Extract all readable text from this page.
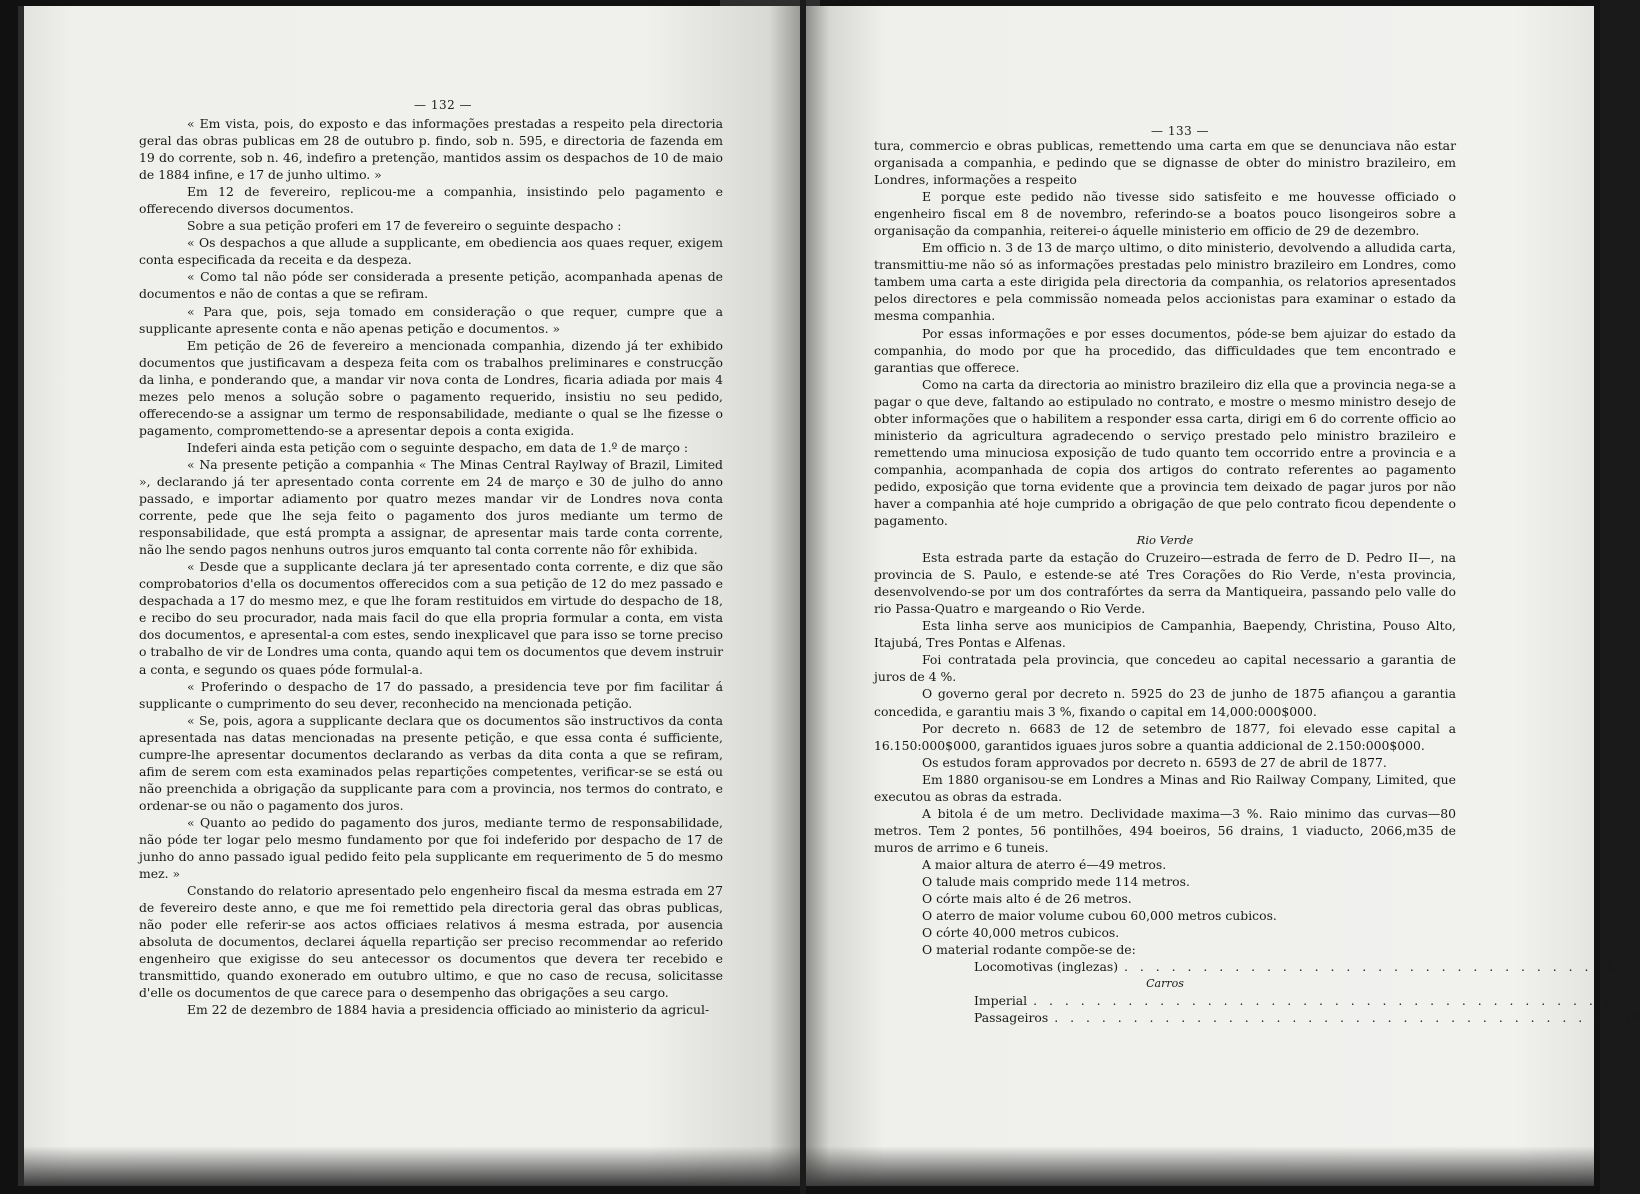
— 132 —
« Em vista, pois, do exposto e das informações prestadas a respeito pela directoria geral das obras publicas em 28 de outubro p. findo, sob n. 595, e directoria de fazenda em 19 do corrente, sob n. 46, indefiro a pretenção, mantidos assim os despachos de 10 de maio de 1884 infine, e 17 de junho ultimo. »
Em 12 de fevereiro, replicou-me a companhia, insistindo pelo pagamento e offerecendo diversos documentos.
Sobre a sua petição proferi em 17 de fevereiro o seguinte despacho :
« Os despachos a que allude a supplicante, em obediencia aos quaes requer, exigem conta especificada da receita e da despeza.
« Como tal não póde ser considerada a presente petição, acompanhada apenas de documentos e não de contas a que se refiram.
« Para que, pois, seja tomado em consideração o que requer, cumpre que a supplicante apresente conta e não apenas petição e documentos. »
Em petição de 26 de fevereiro a mencionada companhia, dizendo já ter exhibido documentos que justificavam a despeza feita com os trabalhos preliminares e construcção da linha, e ponderando que, a mandar vir nova conta de Londres, ficaria adiada por mais 4 mezes pelo menos a solução sobre o pagamento requerido, insistiu no seu pedido, offerecendo-se a assignar um termo de responsabilidade, mediante o qual se lhe fizesse o pagamento, compromettendo-se a apresentar depois a conta exigida.
Indeferi ainda esta petição com o seguinte despacho, em data de 1.º de março :
« Na presente petição a companhia « The Minas Central Raylway of Brazil, Limited », declarando já ter apresentado conta corrente em 24 de março e 30 de julho do anno passado, e importar adiamento por quatro mezes mandar vir de Londres nova conta corrente, pede que lhe seja feito o pagamento dos juros mediante um termo de responsabilidade, que está prompta a assignar, de apresentar mais tarde conta corrente, não lhe sendo pagos nenhuns outros juros emquanto tal conta corrente não fôr exhibida.
« Desde que a supplicante declara já ter apresentado conta corrente, e diz que são comprobatorios d'ella os documentos offerecidos com a sua petição de 12 do mez passado e despachada a 17 do mesmo mez, e que lhe foram restituidos em virtude do despacho de 18, e recibo do seu procurador, nada mais facil do que ella propria formular a conta, em vista dos documentos, e apresental-a com estes, sendo inexplicavel que para isso se torne preciso o trabalho de vir de Londres uma conta, quando aqui tem os documentos que devem instruir a conta, e segundo os quaes póde formulal-a.
« Proferindo o despacho de 17 do passado, a presidencia teve por fim facilitar á supplicante o cumprimento do seu dever, reconhecido na mencionada petição.
« Se, pois, agora a supplicante declara que os documentos são instructivos da conta apresentada nas datas mencionadas na presente petição, e que essa conta é sufficiente, cumpre-lhe apresentar documentos declarando as verbas da dita conta a que se refiram, afim de serem com esta examinados pelas repartições competentes, verificar-se se está ou não preenchida a obrigação da supplicante para com a provincia, nos termos do contrato, e ordenar-se ou não o pagamento dos juros.
« Quanto ao pedido do pagamento dos juros, mediante termo de responsabilidade, não póde ter logar pelo mesmo fundamento por que foi indeferido por despacho de 17 de junho do anno passado igual pedido feito pela supplicante em requerimento de 5 do mesmo mez. »
Constando do relatorio apresentado pelo engenheiro fiscal da mesma estrada em 27 de fevereiro deste anno, e que me foi remettido pela directoria geral das obras publicas, não poder elle referir-se aos actos officiaes relativos á mesma estrada, por ausencia absoluta de documentos, declarei áquella repartição ser preciso recommendar ao referido engenheiro que exigisse do seu antecessor os documentos que devera ter recebido e transmittido, quando exonerado em outubro ultimo, e que no caso de recusa, solicitasse d'elle os documentos de que carece para o desempenho das obrigações a seu cargo.
Em 22 de dezembro de 1884 havia a presidencia officiado ao ministerio da agricul-
— 133 —
tura, commercio e obras publicas, remettendo uma carta em que se denunciava não estar organisada a companhia, e pedindo que se dignasse de obter do ministro brazileiro, em Londres, informações a respeito
E porque este pedido não tivesse sido satisfeito e me houvesse officiado o engenheiro fiscal em 8 de novembro, referindo-se a boatos pouco lisongeiros sobre a organisação da companhia, reiterei-o áquelle ministerio em officio de 29 de dezembro.
Em officio n. 3 de 13 de março ultimo, o dito ministerio, devolvendo a alludida carta, transmittiu-me não só as informações prestadas pelo ministro brazileiro em Londres, como tambem uma carta a este dirigida pela directoria da companhia, os relatorios apresentados pelos directores e pela commissão nomeada pelos accionistas para examinar o estado da mesma companhia.
Por essas informações e por esses documentos, póde-se bem ajuizar do estado da companhia, do modo por que ha procedido, das difficuldades que tem encontrado e garantias que offerece.
Como na carta da directoria ao ministro brazileiro diz ella que a provincia nega-se a pagar o que deve, faltando ao estipulado no contrato, e mostre o mesmo ministro desejo de obter informações que o habilitem a responder essa carta, dirigi em 6 do corrente officio ao ministerio da agricultura agradecendo o serviço prestado pelo ministro brazileiro e remettendo uma minuciosa exposição de tudo quanto tem occorrido entre a provincia e a companhia, acompanhada de copia dos artigos do contrato referentes ao pagamento pedido, exposição que torna evidente que a provincia tem deixado de pagar juros por não haver a companhia até hoje cumprido a obrigação de que pelo contrato ficou dependente o pagamento.
Rio Verde
Esta estrada parte da estação do Cruzeiro—estrada de ferro de D. Pedro II—, na provincia de S. Paulo, e estende-se até Tres Corações do Rio Verde, n'esta provincia, desenvolvendo-se por um dos contrafórtes da serra da Mantiqueira, passando pelo valle do rio Passa-Quatro e margeando o Rio Verde.
Esta linha serve aos municipios de Campanhia, Baependy, Christina, Pouso Alto, Itajubá, Tres Pontas e Alfenas.
Foi contratada pela provincia, que concedeu ao capital necessario a garantia de juros de 4 %.
O governo geral por decreto n. 5925 do 23 de junho de 1875 afiançou a garantia concedida, e garantiu mais 3 %, fixando o capital em 14,000:000$000.
Por decreto n. 6683 de 12 de setembro de 1877, foi elevado esse capital a 16.150:000$000, garantidos iguaes juros sobre a quantia addicional de 2.150:000$000.
Os estudos foram approvados por decreto n. 6593 de 27 de abril de 1877.
Em 1880 organisou-se em Londres a Minas and Rio Railway Company, Limited, que executou as obras da estrada.
A bitola é de um metro. Declividade maxima—3 %. Raio minimo das curvas—80 metros. Tem 2 pontes, 56 pontilhões, 494 boeiros, 56 drains, 1 viaducto, 2066,m35 de muros de arrimo e 6 tuneis.
A maior altura de aterro é—49 metros.
O talude mais comprido mede 114 metros.
O córte mais alto é de 26 metros.
O aterro de maior volume cubou 60,000 metros cubicos.
O córte 40,000 metros cubicos.
O material rodante compõe-se de:
Locomotivas (inglezas) . . . . . . . . . . . . . . . . . . . . . . . . . . . . . . 14
Carros
Imperial . . . . . . . . . . . . . . . . . . . . . . . . . . . . . . . . . . . . 1
Passageiros . . . . . . . . . . . . . . . . . . . . . . . . . . . . . . . . . . . . 19
